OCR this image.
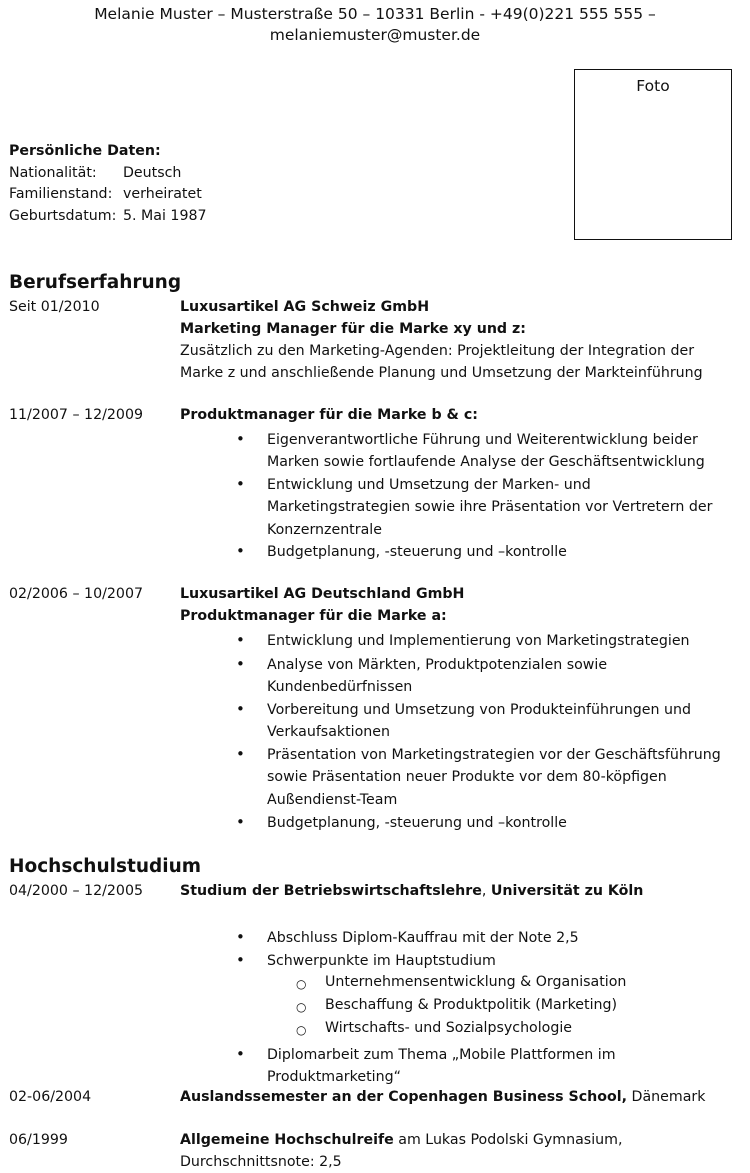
Melanie Muster – Musterstraße 50 – 10331 Berlin - +49(0)221 555 555 –
melaniemuster@muster.de
Foto
Persönliche Daten:
Nationalität: Deutsch
Familienstand: verheiratet
Geburtsdatum: 5. Mai 1987
Berufserfahrung
Seit 01/2010	Luxusartikel AG Schweiz GmbH
Marketing Manager für die Marke xy und z:
Zusätzlich zu den Marketing-Agenden: Projektleitung der Integration der
Marke z und anschließende Planung und Umsetzung der Markteinführung
11/2007 – 12/2009	Produktmanager für die Marke b & c:
• Eigenverantwortliche Führung und Weiterentwicklung beider
Marken sowie fortlaufende Analyse der Geschäftsentwicklung
• Entwicklung und Umsetzung der Marken- und
Marketingstrategien sowie ihre Präsentation vor Vertretern der
Konzernzentrale
• Budgetplanung, -steuerung und –kontrolle
02/2006 – 10/2007	Luxusartikel AG Deutschland GmbH
Produktmanager für die Marke a:
• Entwicklung und Implementierung von Marketingstrategien
• Analyse von Märkten, Produktpotenzialen sowie
Kundenbedürfnissen
• Vorbereitung und Umsetzung von Produkteinführungen und
Verkaufsaktionen
• Präsentation von Marketingstrategien vor der Geschäftsführung
sowie Präsentation neuer Produkte vor dem 80-köpfigen
Außendienst-Team
• Budgetplanung, -steuerung und –kontrolle
Hochschulstudium
04/2000 – 12/2005	Studium der Betriebswirtschaftslehre, Universität zu Köln
• Abschluss Diplom-Kauffrau mit der Note 2,5
• Schwerpunkte im Hauptstudium
○ Unternehmensentwicklung & Organisation
○ Beschaffung & Produktpolitik (Marketing)
○ Wirtschafts- und Sozialpsychologie
• Diplomarbeit zum Thema „Mobile Plattformen im
Produktmarketing“
02-06/2004	Auslandssemester an der Copenhagen Business School, Dänemark
06/1999	Allgemeine Hochschulreife am Lukas Podolski Gymnasium,
Durchschnittsnote: 2,5
